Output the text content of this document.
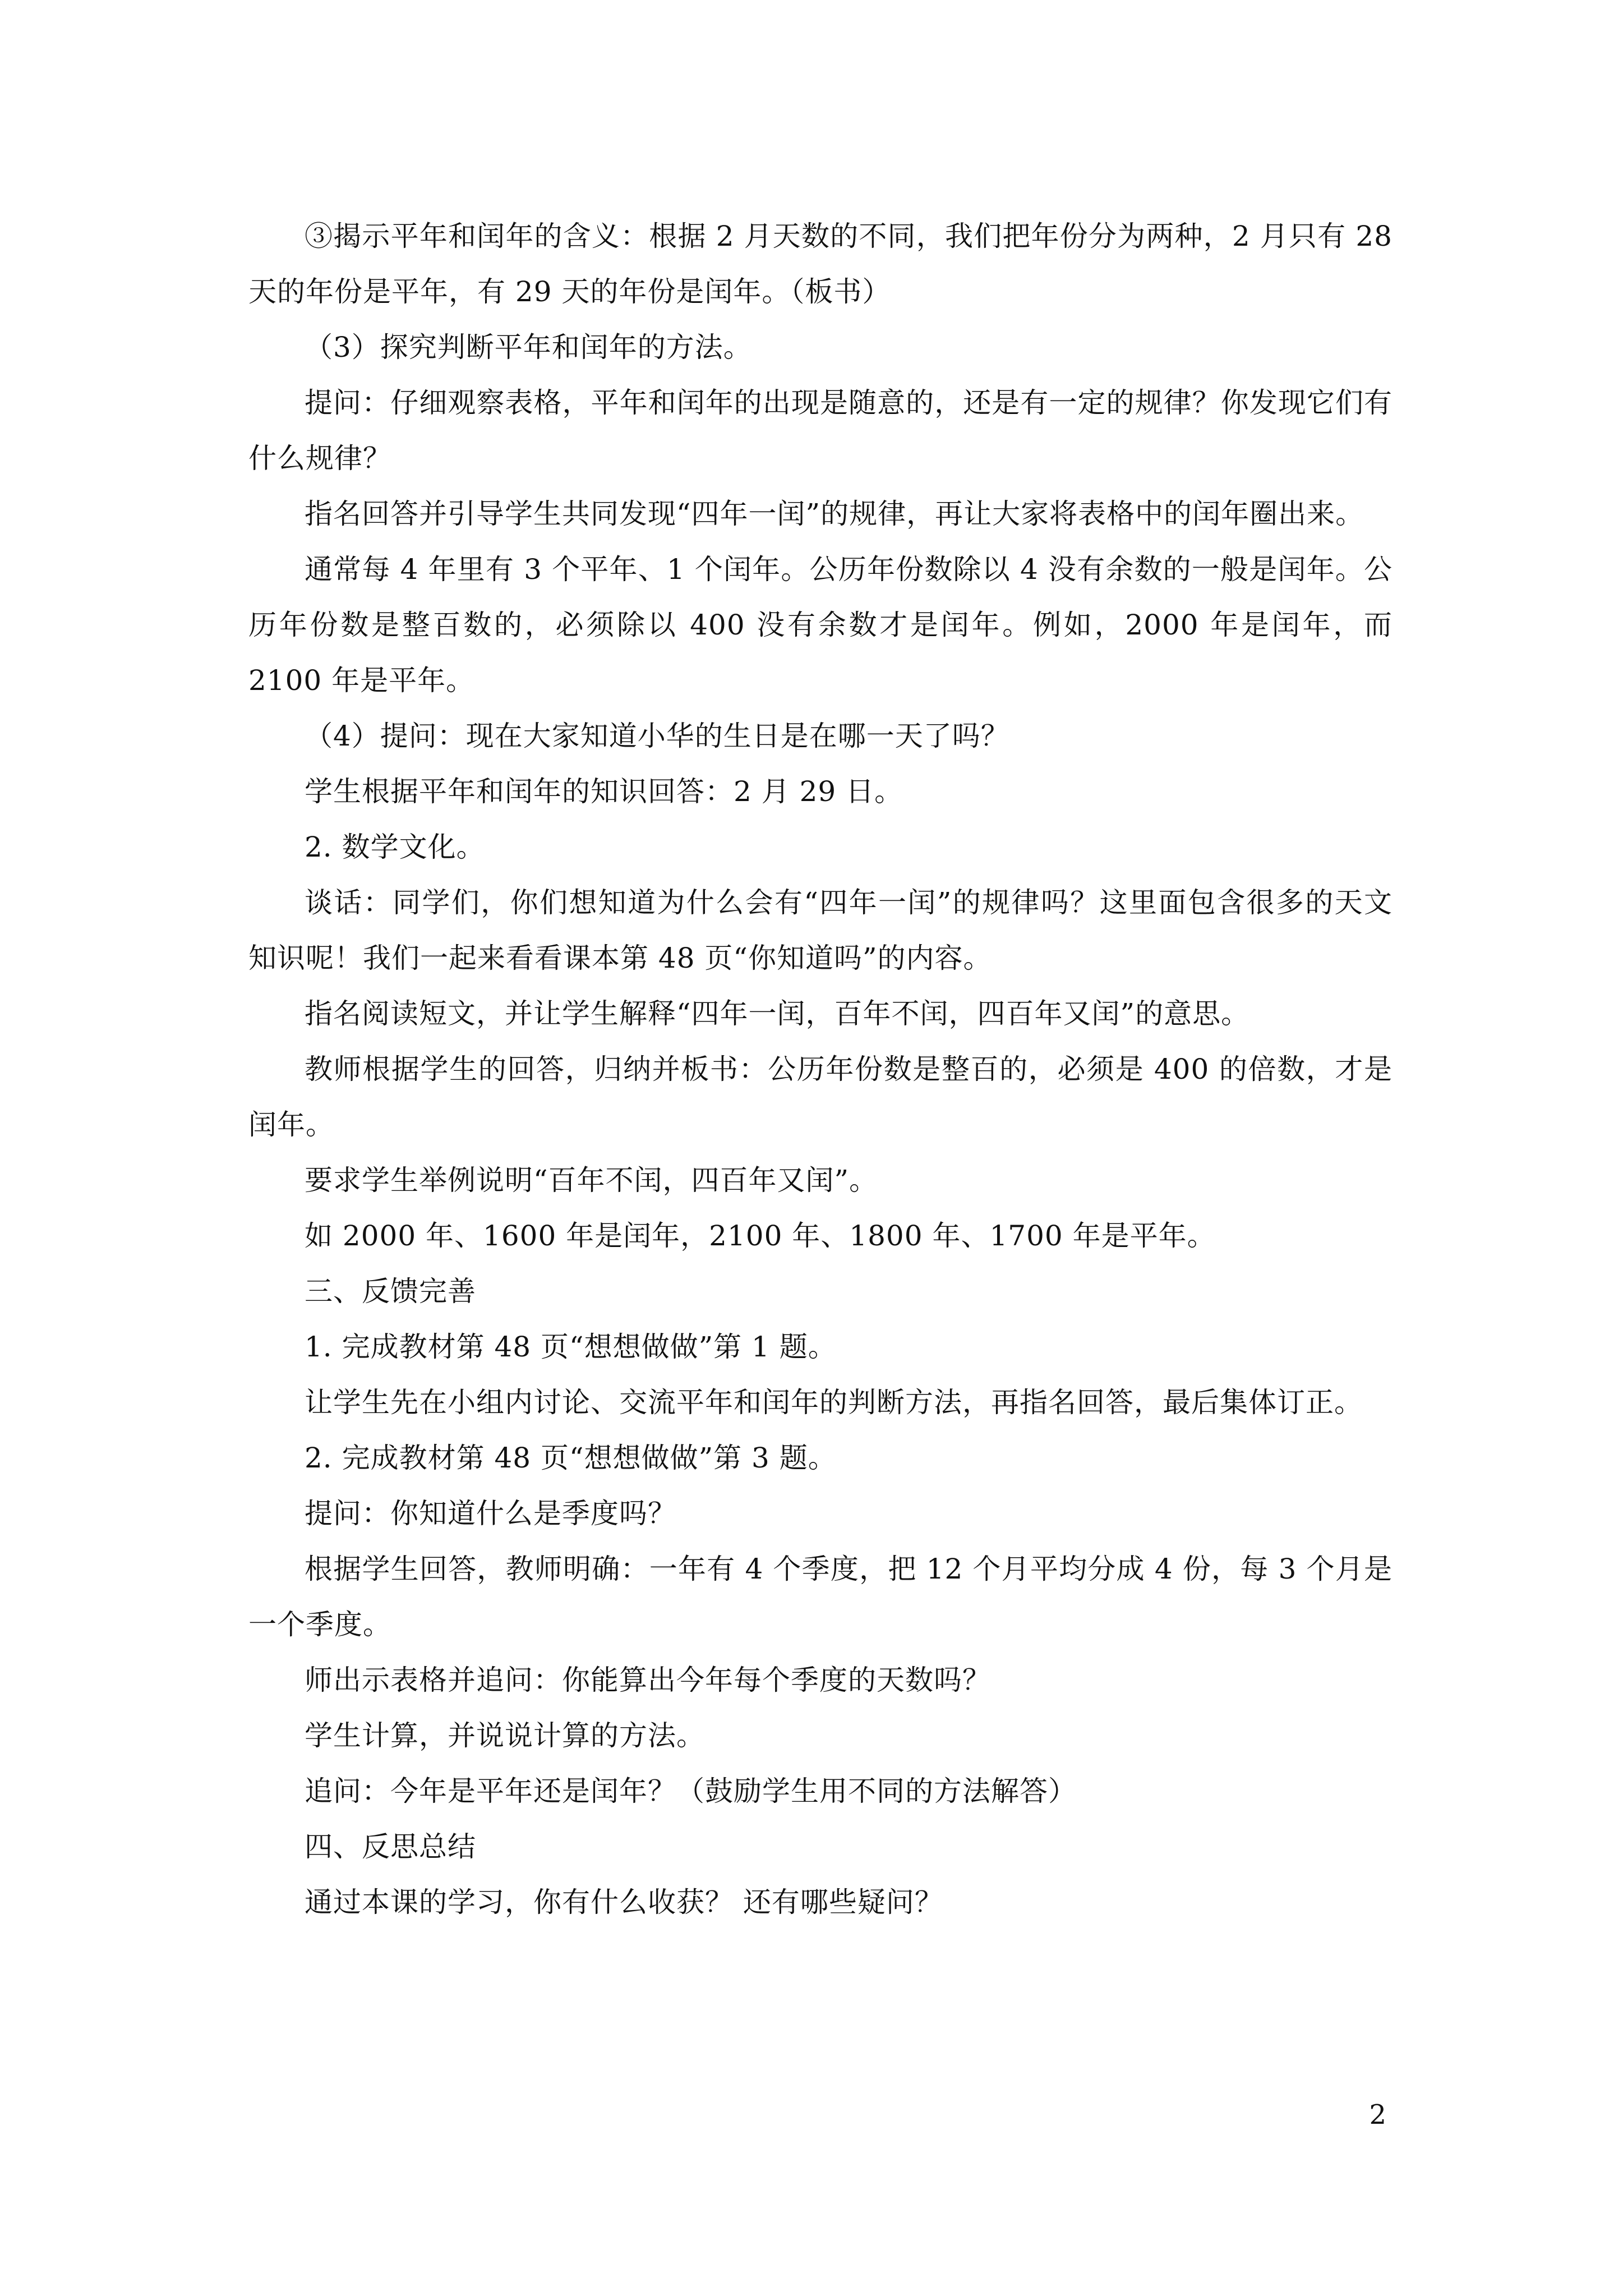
③揭示平年和闰年的含义：根据 2 月天数的不同，我们把年份分为两种，2 月只有 28 天的年份是平年，有 29 天的年份是闰年。（板书）

（3）探究判断平年和闰年的方法。

提问：仔细观察表格，平年和闰年的出现是随意的，还是有一定的规律？你发现它们有什么规律？

指名回答并引导学生共同发现“四年一闰”的规律，再让大家将表格中的闰年圈出来。

通常每 4 年里有 3 个平年、1 个闰年。公历年份数除以 4 没有余数的一般是闰年。公历年份数是整百数的，必须除以 400 没有余数才是闰年。例如，2000 年是闰年，而 2100 年是平年。

（4）提问：现在大家知道小华的生日是在哪一天了吗？

学生根据平年和闰年的知识回答：2 月 29 日。

2. 数学文化。

谈话：同学们，你们想知道为什么会有“四年一闰”的规律吗？这里面包含很多的天文知识呢！我们一起来看看课本第 48 页“你知道吗”的内容。

指名阅读短文，并让学生解释“四年一闰，百年不闰，四百年又闰”的意思。

教师根据学生的回答，归纳并板书：公历年份数是整百的，必须是 400 的倍数，才是闰年。

要求学生举例说明“百年不闰，四百年又闰”。

如 2000 年、1600 年是闰年，2100 年、1800 年、1700 年是平年。

三、反馈完善

1. 完成教材第 48 页“想想做做”第 1 题。

让学生先在小组内讨论、交流平年和闰年的判断方法，再指名回答，最后集体订正。

2. 完成教材第 48 页“想想做做”第 3 题。

提问：你知道什么是季度吗？

根据学生回答，教师明确：一年有 4 个季度，把 12 个月平均分成 4 份，每 3 个月是一个季度。

师出示表格并追问：你能算出今年每个季度的天数吗？

学生计算，并说说计算的方法。

追问：今年是平年还是闰年？（鼓励学生用不同的方法解答）

四、反思总结

通过本课的学习，你有什么收获？ 还有哪些疑问？

2
